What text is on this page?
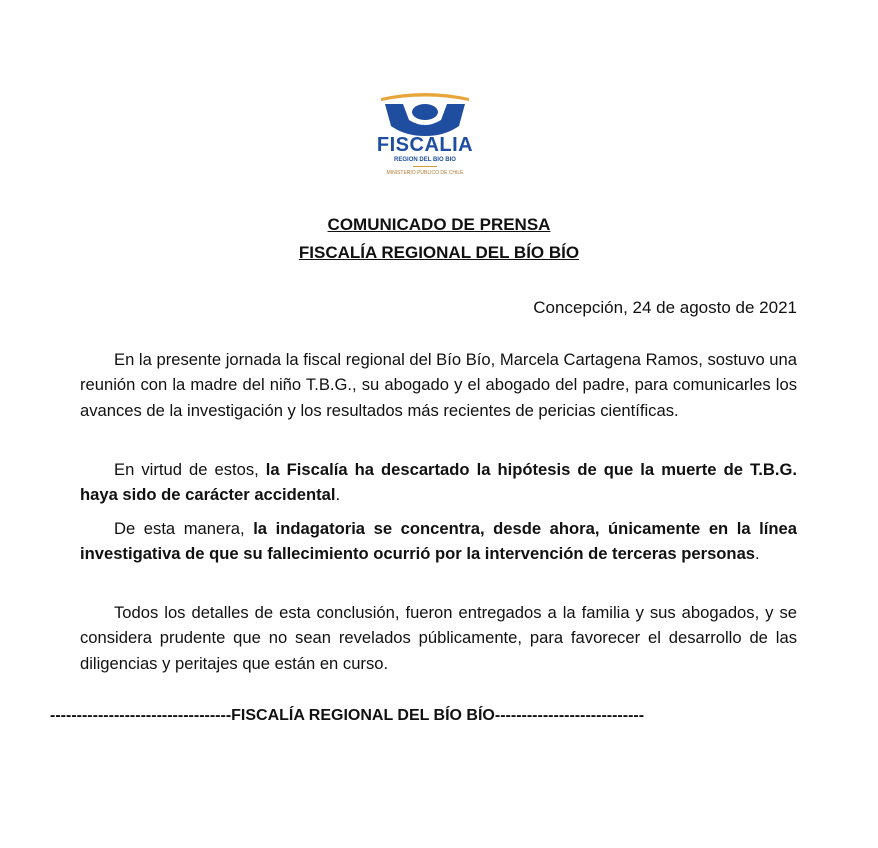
FISCALIA
REGION DEL BIO BIO
MINISTERIO PUBLICO DE CHILE
COMUNICADO DE PRENSA
FISCALÍA REGIONAL DEL BÍO BÍO
Concepción, 24 de agosto de 2021
En la presente jornada la fiscal regional del Bío Bío, Marcela Cartagena Ramos, sostuvo una reunión con la madre del niño T.B.G., su abogado y el abogado del padre, para comunicarles los avances de la investigación y los resultados más recientes de pericias científicas.
En virtud de estos, la Fiscalía ha descartado la hipótesis de que la muerte de T.B.G. haya sido de carácter accidental.
De esta manera, la indagatoria se concentra, desde ahora, únicamente en la línea investigativa de que su fallecimiento ocurrió por la intervención de terceras personas.
Todos los detalles de esta conclusión, fueron entregados a la familia y sus abogados, y se considera prudente que no sean revelados públicamente, para favorecer el desarrollo de las diligencias y peritajes que están en curso.
----------------------------------FISCALÍA REGIONAL DEL BÍO BÍO----------------------------
